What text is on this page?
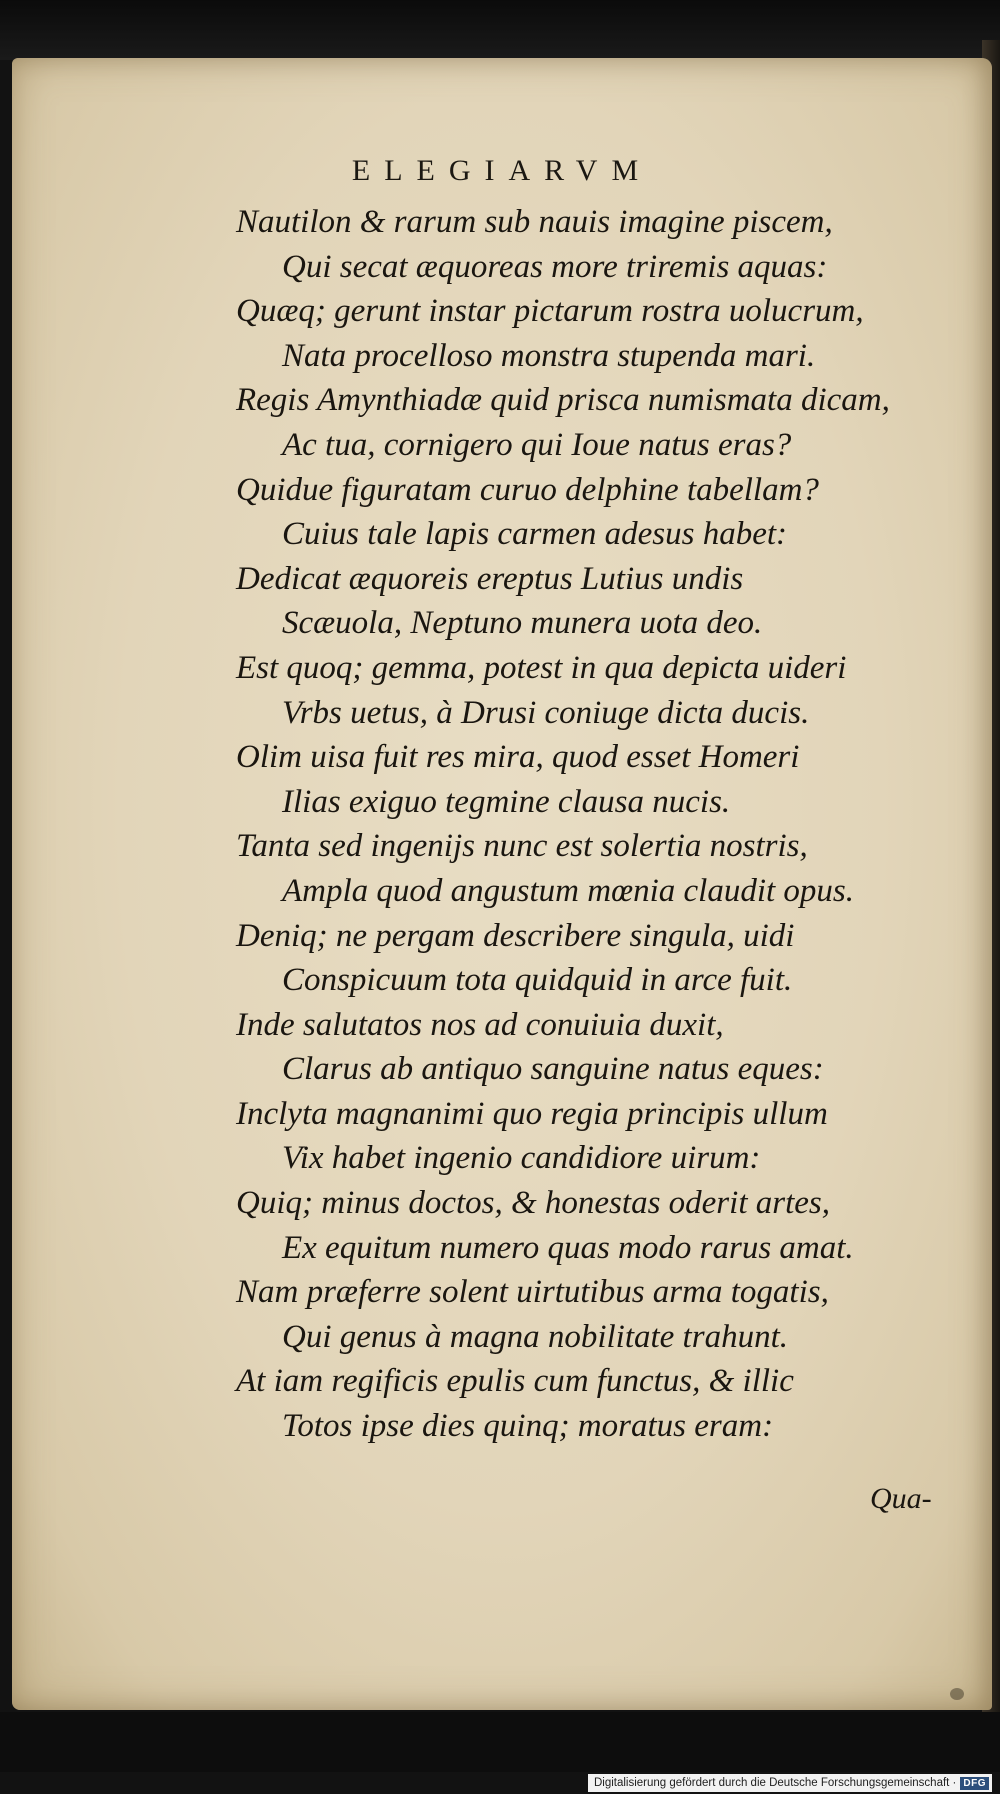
ELEGIARVM
Nautilon & rarum sub nauis imagine piscem,
Qui secat æquoreas more triremis aquas:
Quæq; gerunt instar pictarum rostra uolucrum,
Nata procelloso monstra stupenda mari.
Regis Amynthiadæ quid prisca numismata dicam,
Ac tua, cornigero qui Ioue natus eras?
Quidue figuratam curuo delphine tabellam?
Cuius tale lapis carmen adesus habet:
Dedicat æquoreis ereptus Lutius undis
Scæuola, Neptuno munera uota deo.
Est quoq; gemma, potest in qua depicta uideri
Vrbs uetus, à Drusi coniuge dicta ducis.
Olim uisa fuit res mira, quod esset Homeri
Ilias exiguo tegmine clausa nucis.
Tanta sed ingenijs nunc est solertia nostris,
Ampla quod angustum mœnia claudit opus.
Deniq; ne pergam describere singula, uidi
Conspicuum tota quidquid in arce fuit.
Inde salutatos nos ad conuiuia duxit,
Clarus ab antiquo sanguine natus eques:
Inclyta magnanimi quo regia principis ullum
Vix habet ingenio candidiore uirum:
Quiq; minus doctos, & honestas oderit artes,
Ex equitum numero quas modo rarus amat.
Nam præferre solent uirtutibus arma togatis,
Qui genus à magna nobilitate trahunt.
At iam regificis epulis cum functus, & illic
Totos ipse dies quinq; moratus eram:
Qua-
Digitalisierung gefördert durch die Deutsche Forschungsgemeinschaft · DFG
